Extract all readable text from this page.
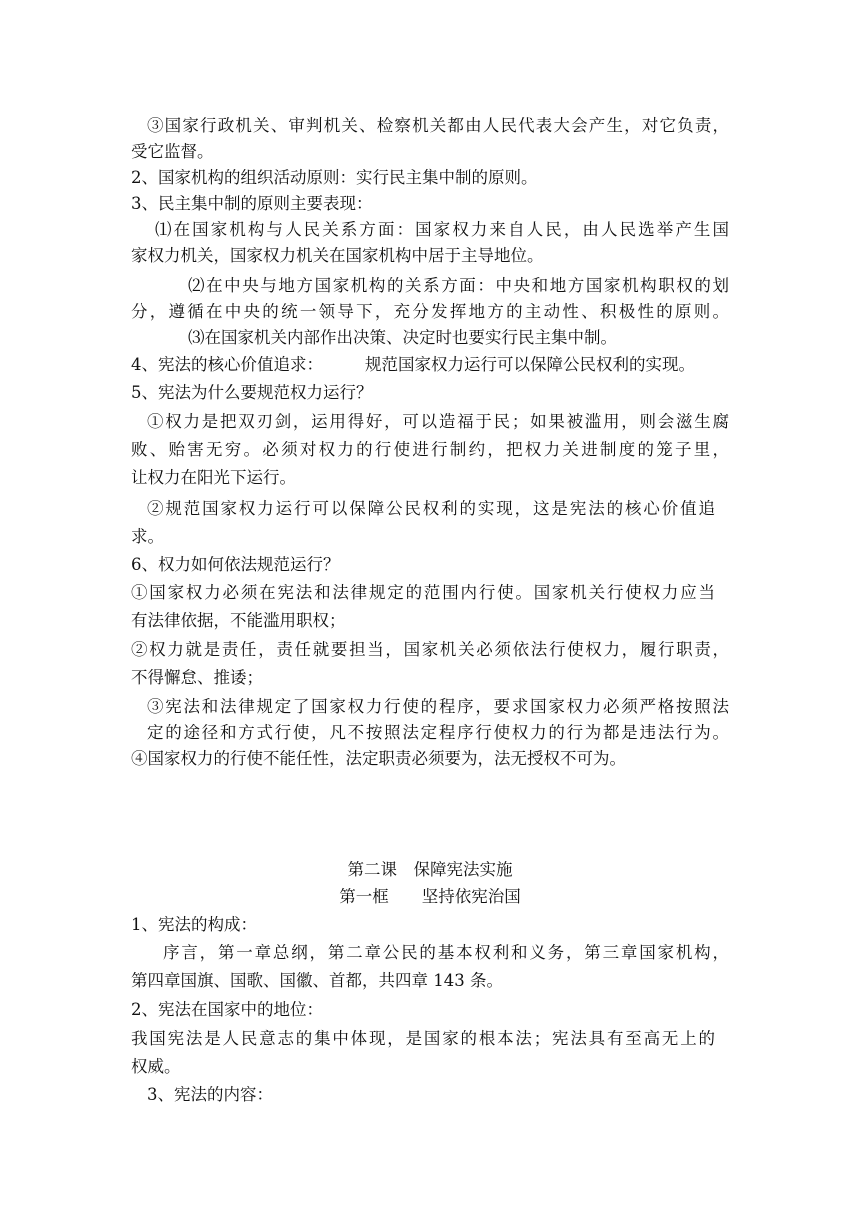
③国家行政机关、审判机关、检察机关都由人民代表大会产生，对它负责，
受它监督。
2、国家机构的组织活动原则：实行民主集中制的原则。
3、民主集中制的原则主要表现：
⑴在国家机构与人民关系方面：国家权力来自人民，由人民选举产生国
家权力机关，国家权力机关在国家机构中居于主导地位。
⑵在中央与地方国家机构的关系方面：中央和地方国家机构职权的划
分，遵循在中央的统一领导下，充分发挥地方的主动性、积极性的原则。
⑶在国家机关内部作出决策、决定时也要实行民主集中制。
4、宪法的核心价值追求：	规范国家权力运行可以保障公民权利的实现。
5、宪法为什么要规范权力运行？
①权力是把双刃剑，运用得好，可以造福于民；如果被滥用，则会滋生腐
败、贻害无穷。必须对权力的行使进行制约，把权力关进制度的笼子里，
让权力在阳光下运行。
②规范国家权力运行可以保障公民权利的实现，这是宪法的核心价值追
求。
6、权力如何依法规范运行？
①国家权力必须在宪法和法律规定的范围内行使。国家机关行使权力应当
有法律依据，不能滥用职权；
②权力就是责任，责任就要担当，国家机关必须依法行使权力，履行职责，
不得懈怠、推诿；
③宪法和法律规定了国家权力行使的程序，要求国家权力必须严格按照法
定的途径和方式行使，凡不按照法定程序行使权力的行为都是违法行为。
④国家权力的行使不能任性，法定职责必须要为，法无授权不可为。
第二课　保障宪法实施
第一框　　坚持依宪治国
1、宪法的构成：
序言，第一章总纲，第二章公民的基本权利和义务，第三章国家机构，
第四章国旗、国歌、国徽、首都，共四章 143 条。
2、宪法在国家中的地位：
我国宪法是人民意志的集中体现，是国家的根本法；宪法具有至高无上的
权威。
3、宪法的内容：
